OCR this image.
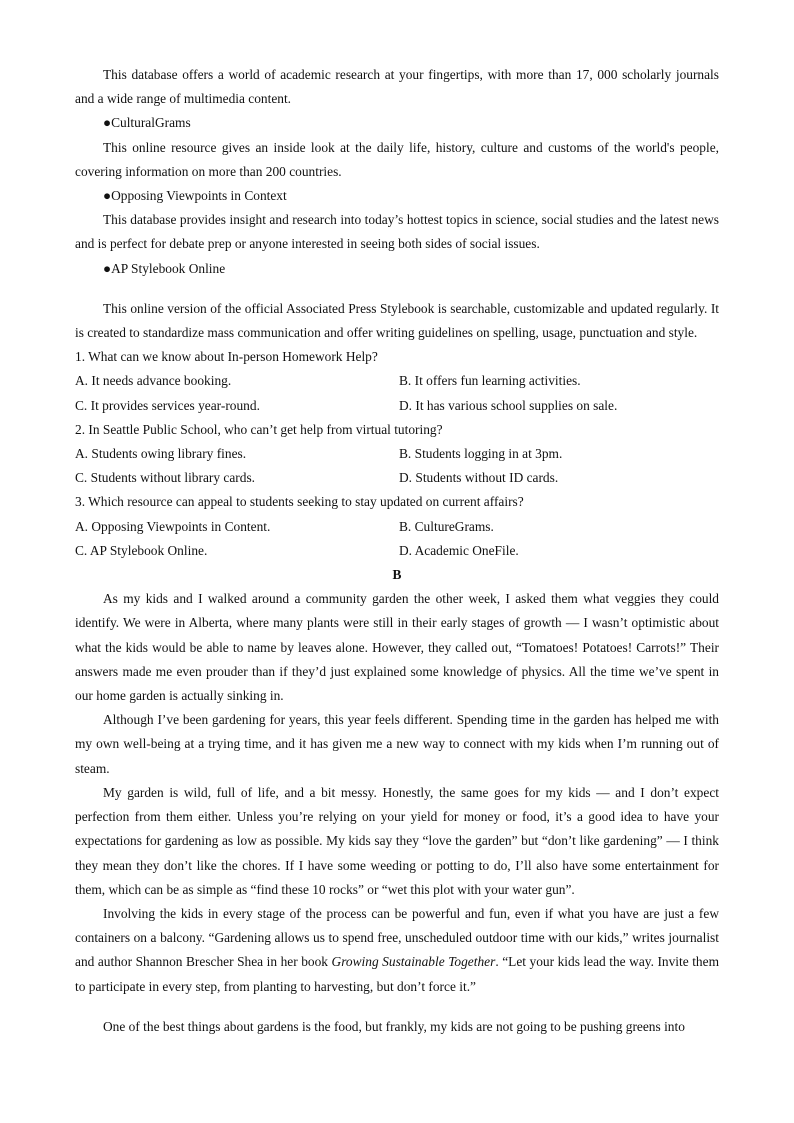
This database offers a world of academic research at your fingertips, with more than 17, 000 scholarly journals and a wide range of multimedia content.

●CulturalGrams

This online resource gives an inside look at the daily life, history, culture and customs of the world's people, covering information on more than 200 countries.

●Opposing Viewpoints in Context

This database provides insight and research into today’s hottest topics in science, social studies and the latest news and is perfect for debate prep or anyone interested in seeing both sides of social issues.

●AP Stylebook Online

This online version of the official Associated Press Stylebook is searchable, customizable and updated regularly. It is created to standardize mass communication and offer writing guidelines on spelling, usage, punctuation and style.

1. What can we know about In-person Homework Help?

A. It needs advance booking.	B. It offers fun learning activities.
C. It provides services year-round.	D. It has various school supplies on sale.

2. In Seattle Public School, who can’t get help from virtual tutoring?

A. Students owing library fines.	B. Students logging in at 3pm.
C. Students without library cards.	D. Students without ID cards.

3. Which resource can appeal to students seeking to stay updated on current affairs?

A. Opposing Viewpoints in Content.	B. CultureGrams.
C. AP Stylebook Online.	D. Academic OneFile.
B

As my kids and I walked around a community garden the other week, I asked them what veggies they could identify. We were in Alberta, where many plants were still in their early stages of growth — I wasn’t optimistic about what the kids would be able to name by leaves alone. However, they called out, “Tomatoes! Potatoes! Carrots!” Their answers made me even prouder than if they’d just explained some knowledge of physics. All the time we’ve spent in our home garden is actually sinking in.

Although I’ve been gardening for years, this year feels different. Spending time in the garden has helped me with my own well-being at a trying time, and it has given me a new way to connect with my kids when I’m running out of steam.

My garden is wild, full of life, and a bit messy. Honestly, the same goes for my kids — and I don’t expect perfection from them either. Unless you’re relying on your yield for money or food, it’s a good idea to have your expectations for gardening as low as possible. My kids say they “love the garden” but “don’t like gardening” — I think they mean they don’t like the chores. If I have some weeding or potting to do, I’ll also have some entertainment for them, which can be as simple as “find these 10 rocks” or “wet this plot with your water gun”.

Involving the kids in every stage of the process can be powerful and fun, even if what you have are just a few containers on a balcony. “Gardening allows us to spend free, unscheduled outdoor time with our kids,” writes journalist and author Shannon Brescher Shea in her book Growing Sustainable Together. “Let your kids lead the way. Invite them to participate in every step, from planting to harvesting, but don’t force it.”

One of the best things about gardens is the food, but frankly, my kids are not going to be pushing greens into
